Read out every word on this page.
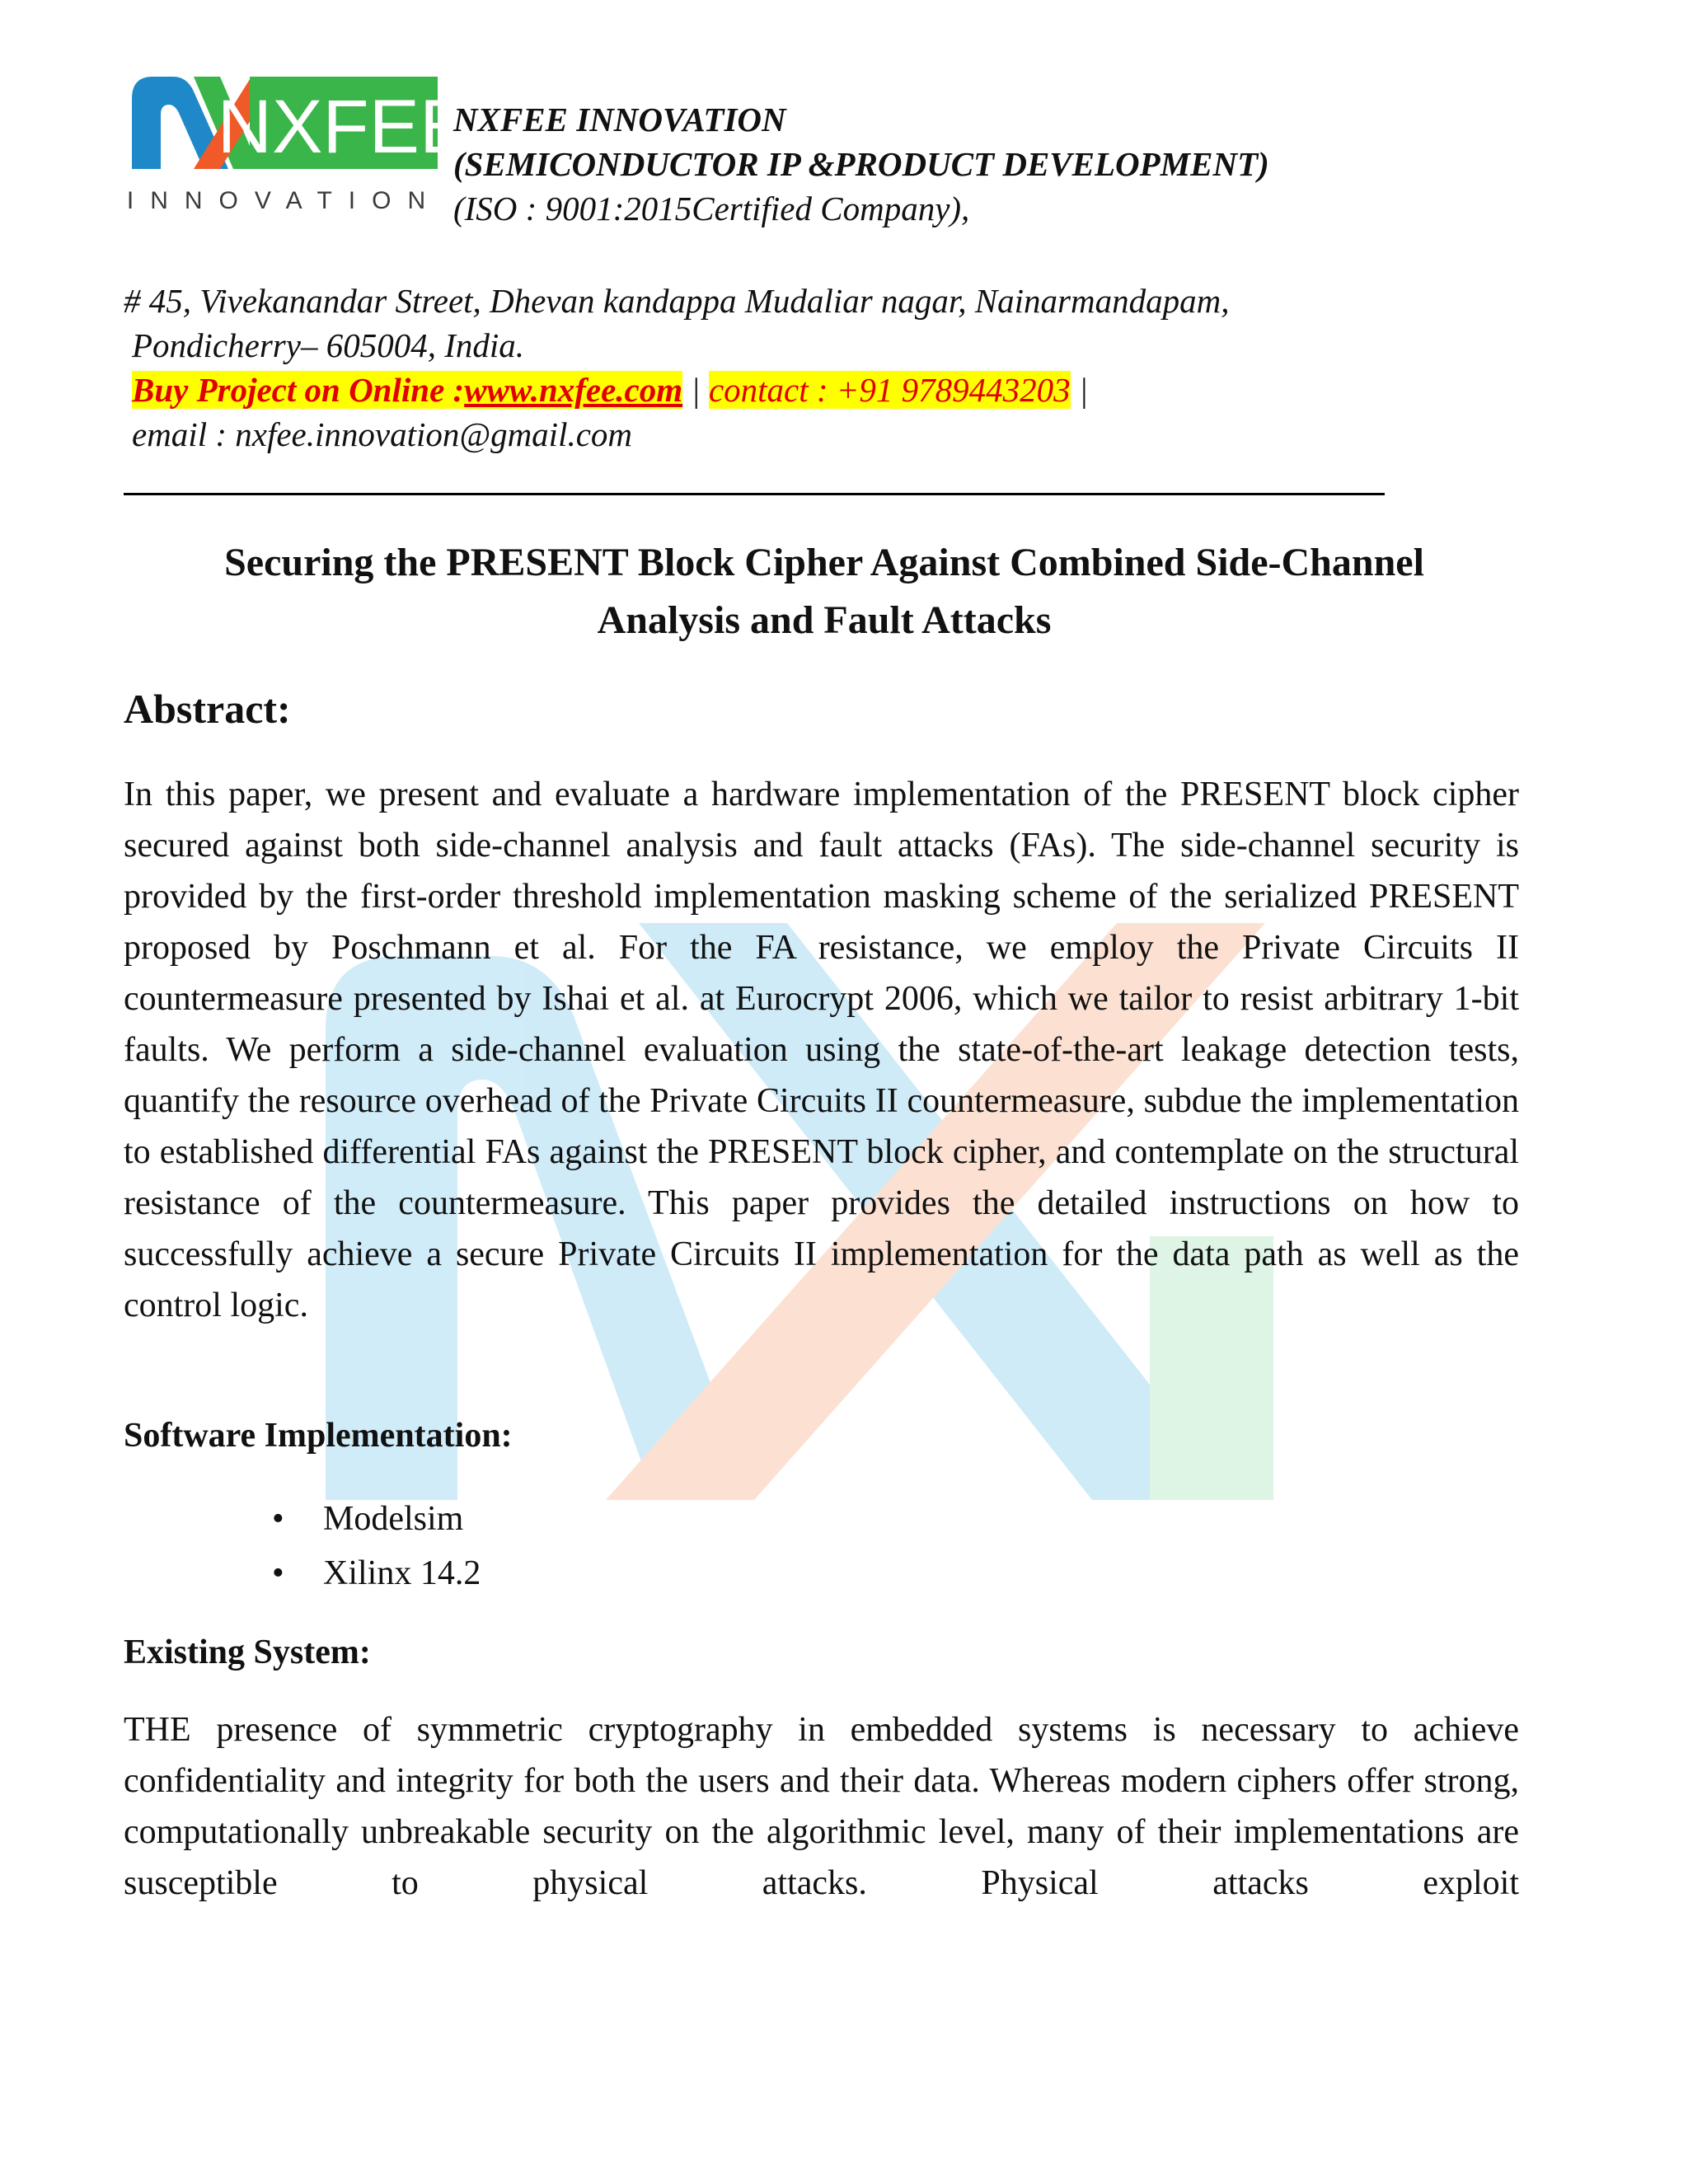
NXFEE
INNOVATION
NXFEE INNOVATION
(SEMICONDUCTOR IP &PRODUCT DEVELOPMENT)
(ISO : 9001:2015Certified Company),
# 45, Vivekanandar Street, Dhevan kandappa Mudaliar nagar, Nainarmandapam,
Pondicherry– 605004, India.
Buy Project on Online :www.nxfee.com | contact : +91 9789443203 |
email : nxfee.innovation@gmail.com
Securing the PRESENT Block Cipher Against Combined Side-Channel
Analysis and Fault Attacks
Abstract:
In this paper, we present and evaluate a hardware implementation of the PRESENT block cipher secured against both side-channel analysis and fault attacks (FAs). The side-channel security is provided by the first-order threshold implementation masking scheme of the serialized PRESENT proposed by Poschmann et al. For the FA resistance, we employ the Private Circuits II countermeasure presented by Ishai et al. at Eurocrypt 2006, which we tailor to resist arbitrary 1-bit faults. We perform a side-channel evaluation using the state-of-the-art leakage detection tests, quantify the resource overhead of the Private Circuits II countermeasure, subdue the implementation to established differential FAs against the PRESENT block cipher, and contemplate on the structural resistance of the countermeasure. This paper provides the detailed instructions on how to successfully achieve a secure Private Circuits II implementation for the data path as well as the control logic.
Software Implementation:
• Modelsim
• Xilinx 14.2
Existing System:
THE presence of symmetric cryptography in embedded systems is necessary to achieve confidentiality and integrity for both the users and their data. Whereas modern ciphers offer strong, computationally unbreakable security on the algorithmic level, many of their implementations are susceptible to physical attacks. Physical attacks exploit
